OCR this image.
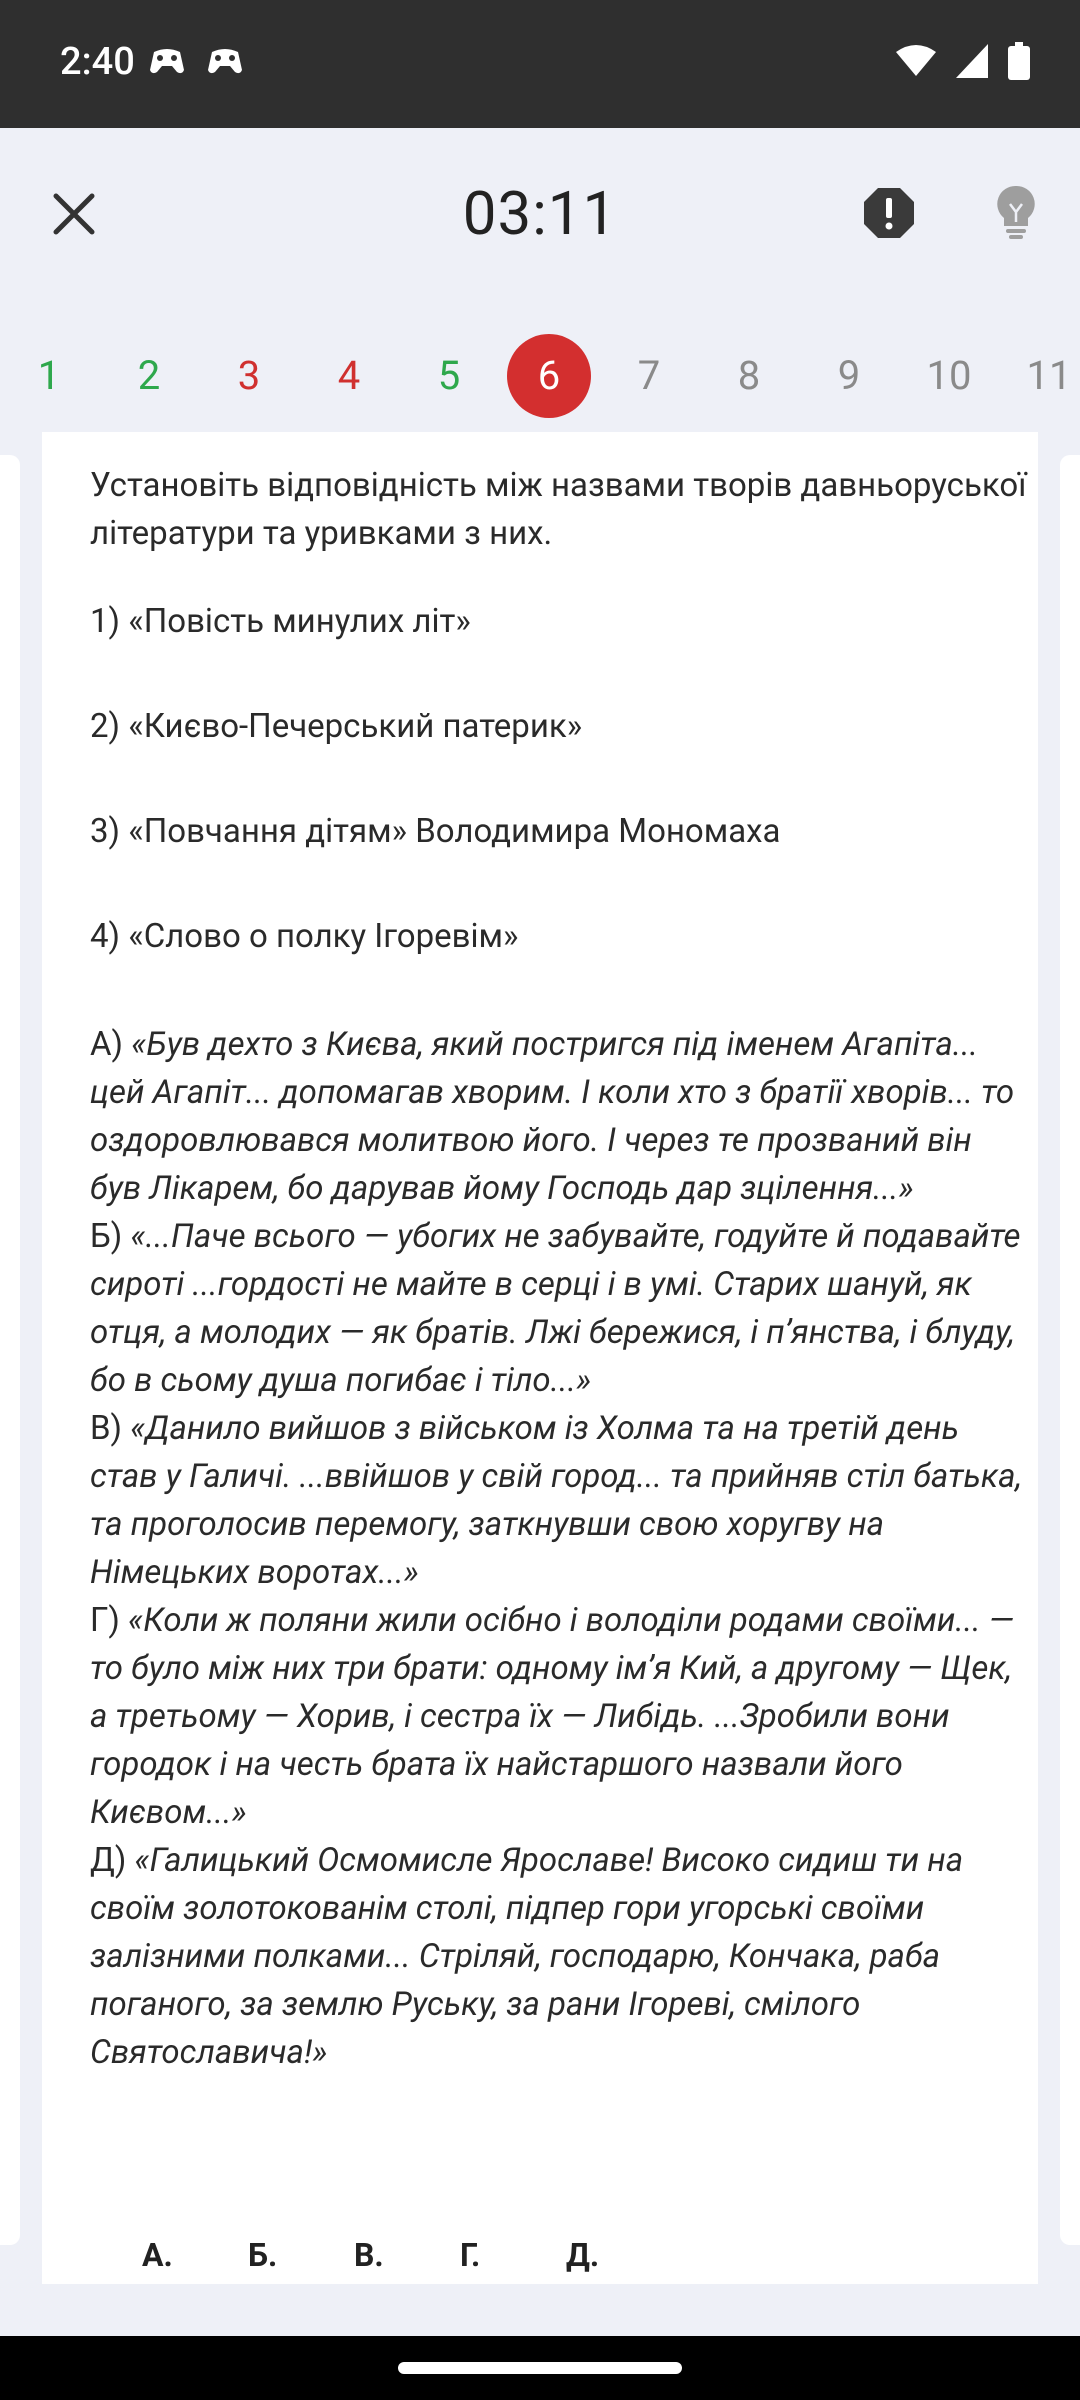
2:40
03:11
1	2	3	4	5	6	7	8	9	10	11

Установіть відповідність між назвами творів давньоруської літератури та уривками з них.

1) «Повість минулих літ»
2) «Києво-Печерський патерик»
3) «Повчання дітям» Володимира Мономаха
4) «Слово о полку Ігоревім»

А) «Був дехто з Києва, який постригся під іменем Агапіта... цей Агапіт... допомагав хворим. І коли хто з братії хворів... то оздоровлювався молитвою його. І через те прозваний він був Лікарем, бо дарував йому Господь дар зцілення...»

Б) «...Паче всього — убогих не забувайте, годуйте й подавайте сироті ...гордості не майте в серці і в умі. Старих шануй, як отця, а молодих — як братів. Лжі бережися, і п’янства, і блуду, бо в сьому душа погибає і тіло...»

В) «Данило вийшов з військом із Холма та на третій день став у Галичі. ...ввійшов у свій город... та прийняв стіл батька, та проголосив перемогу, заткнувши свою хоругву на Німецьких воротах...»

Г) «Коли ж поляни жили осібно і володіли родами своїми... — то було між них три брати: одному ім’я Кий, а другому — Щек, а третьому — Хорив, і сестра їх — Либідь. ...Зробили вони городок і на честь брата їх найстаршого назвали його Києвом...»

Д) «Галицький Осмомисле Ярославе! Високо сидиш ти на своїм золотокованім столі, підпер гори угорські своїми залізними полками... Стріляй, господарю, Кончака, раба поганого, за землю Руську, за рани Ігореві, смілого Святославича!»

А.	Б.	В.	Г.	Д.
